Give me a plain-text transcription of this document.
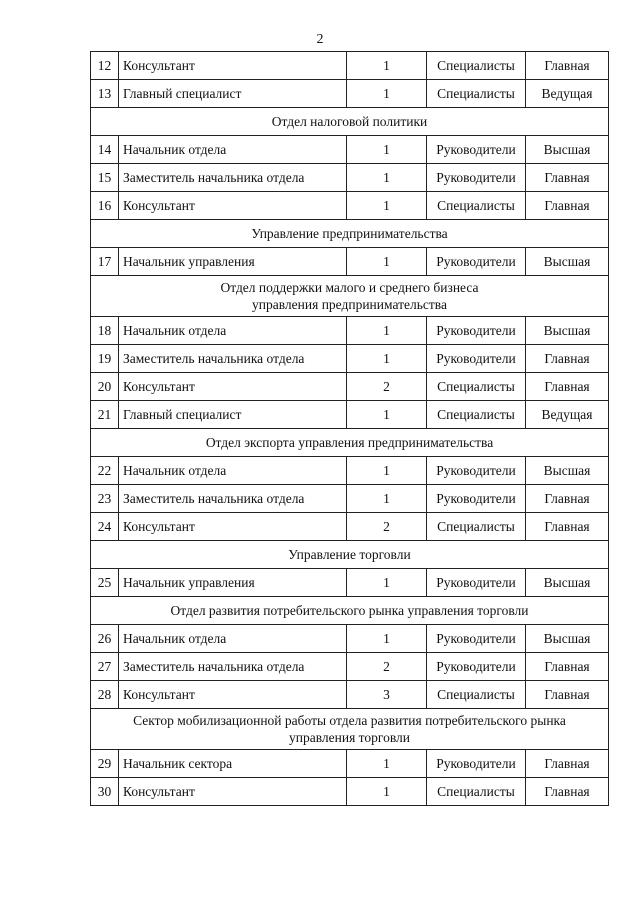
2
12	Консультант	1	Специалисты	Главная
13	Главный специалист	1	Специалисты	Ведущая
Отдел налоговой политики				
14	Начальник отдела	1	Руководители	Высшая
15	Заместитель начальника отдела	1	Руководители	Главная
16	Консультант	1	Специалисты	Главная
Управление предпринимательства				
17	Начальник управления	1	Руководители	Высшая
Отдел поддержки малого и среднего бизнеса
управления предпринимательства				
18	Начальник отдела	1	Руководители	Высшая
19	Заместитель начальника отдела	1	Руководители	Главная
20	Консультант	2	Специалисты	Главная
21	Главный специалист	1	Специалисты	Ведущая
Отдел экспорта управления предпринимательства				
22	Начальник отдела	1	Руководители	Высшая
23	Заместитель начальника отдела	1	Руководители	Главная
24	Консультант	2	Специалисты	Главная
Управление торговли				
25	Начальник управления	1	Руководители	Высшая
Отдел развития потребительского рынка управления торговли				
26	Начальник отдела	1	Руководители	Высшая
27	Заместитель начальника отдела	2	Руководители	Главная
28	Консультант	3	Специалисты	Главная
Сектор мобилизационной работы отдела развития потребительского рынка
управления торговли				
29	Начальник сектора	1	Руководители	Главная
30	Консультант	1	Специалисты	Главная
